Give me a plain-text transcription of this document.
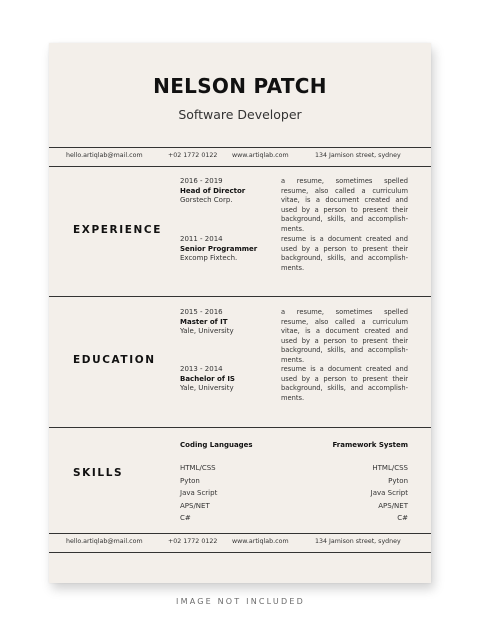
NELSON PATCH

Software Developer

hello.artiqlab@mail.com	+02 1772 0122 www.artiqlab.com	134 Jamison street, sydney
EXPERIENCE
2016 - 2019
Head of Director
Gorstech Corp.

a resume, sometimes spelled resume, also called a curriculum vitae, is a document created and used by a person to present their background, skills, and accomplish-ments.

2011 - 2014
Senior Programmer
Excomp Fixtech.

resume is a document created and used by a person to present their background, skills, and accomplish-ments.

EDUCATION
2015 - 2016
Master of IT
Yale, University

a resume, sometimes spelled resume, also called a curriculum vitae, is a document created and used by a person to present their background, skills, and accomplish-ments.

2013 - 2014
Bachelor of IS
Yale, University

resume is a document created and used by a person to present their background, skills, and accomplish-ments.

SKILLS
Coding Languages
HTML/CSS
Pyton
Java Script
APS/NET
C#
Framework System
HTML/CSS
Pyton
Java Script
APS/NET
C#
hello.artiqlab@mail.com	+02 1772 0122 www.artiqlab.com	134 Jamison street, sydney
IMAGE NOT INCLUDED
